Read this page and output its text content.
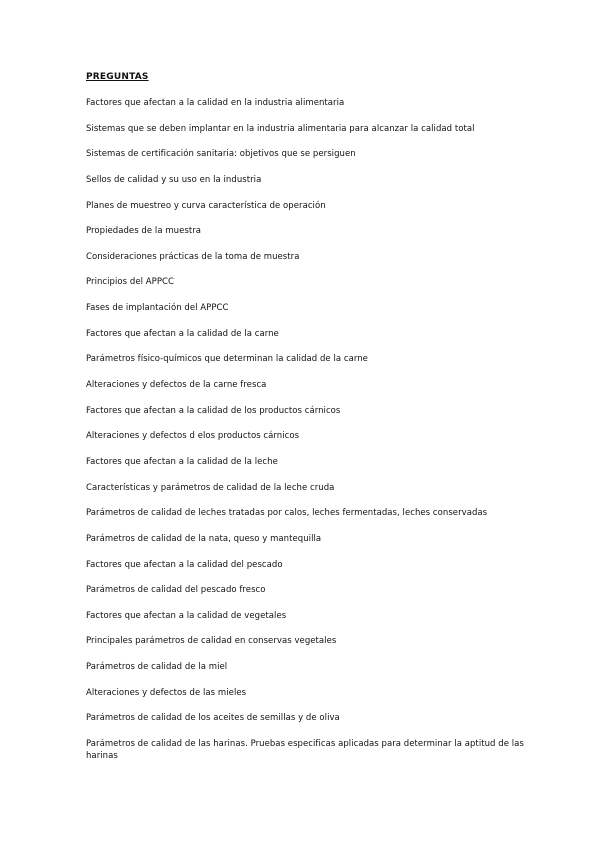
PREGUNTAS
Factores que afectan a la calidad en la industria alimentaria
Sistemas que se deben implantar en la industria alimentaria para alcanzar la calidad total
Sistemas de certificación sanitaria: objetivos que se persiguen
Sellos de calidad y su uso en la industria
Planes de muestreo y curva característica de operación
Propiedades de la muestra
Consideraciones prácticas de la toma de muestra
Principios del APPCC
Fases de implantación del APPCC
Factores que afectan a la calidad de la carne
Parámetros físico-químicos que determinan la calidad de la carne
Alteraciones y defectos de la carne fresca
Factores que afectan a la calidad de los productos cárnicos
Alteraciones y defectos d elos productos cárnicos
Factores que afectan a la calidad de la leche
Características y parámetros de calidad de la leche cruda
Parámetros de calidad de leches tratadas por calos, leches fermentadas, leches conservadas
Parámetros de calidad de la nata, queso y mantequilla
Factores que afectan a la calidad del pescado
Parámetros de calidad del pescado fresco
Factores que afectan a la calidad de vegetales
Principales parámetros de calidad en conservas vegetales
Parámetros de calidad de la miel
Alteraciones y defectos de las mieles
Parámetros de calidad de los aceites de semillas y de oliva
Parámetros de calidad de las harinas. Pruebas especificas aplicadas para determinar la aptitud de las harinas
